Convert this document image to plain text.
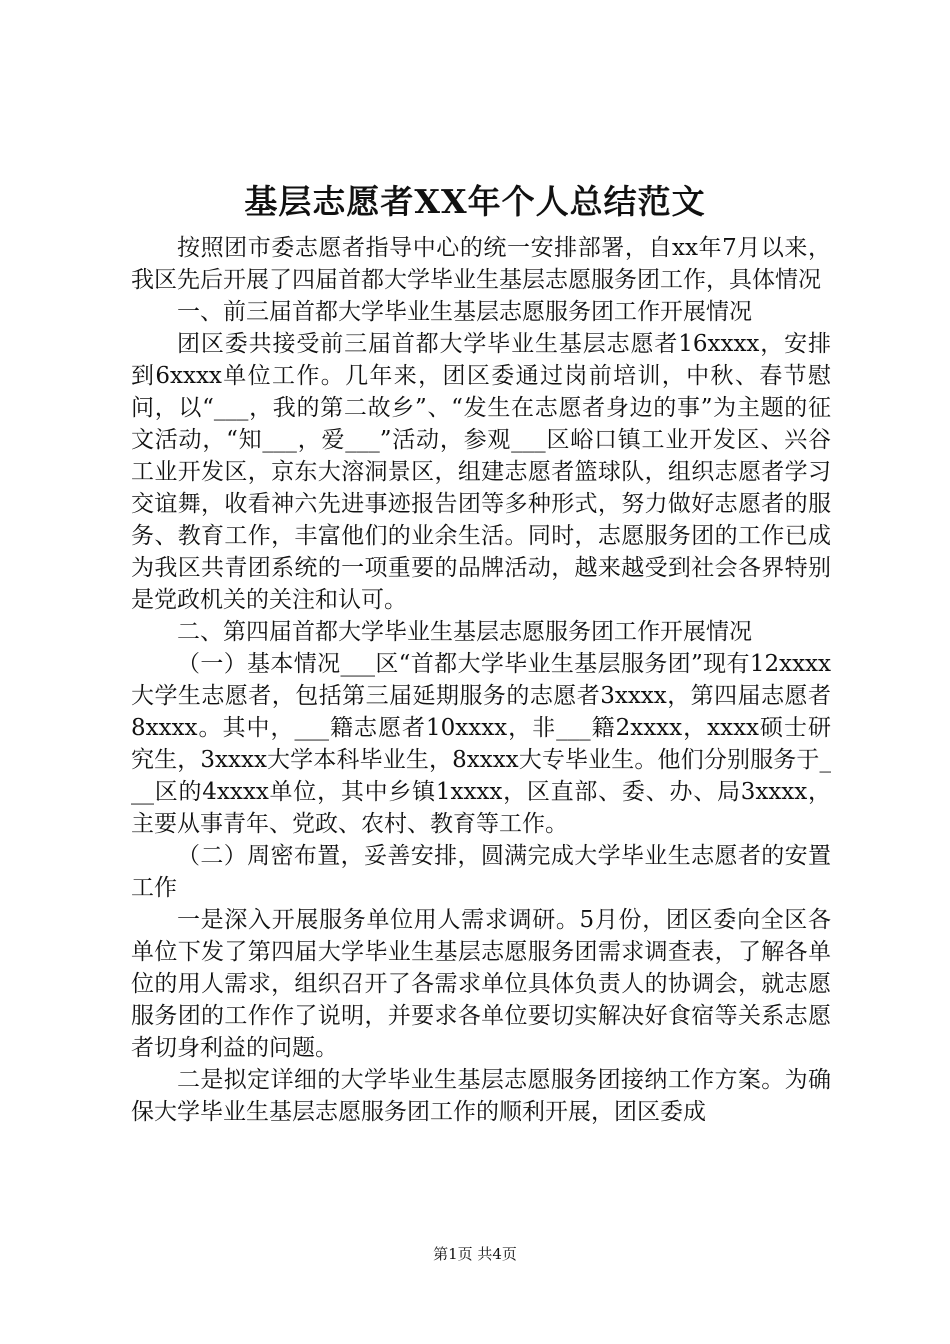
基层志愿者XX年个人总结范文

按照团市委志愿者指导中心的统一安排部署，自xx年7月以来，我区先后开展了四届首都大学毕业生基层志愿服务团工作，具体情况

一、前三届首都大学毕业生基层志愿服务团工作开展情况

团区委共接受前三届首都大学毕业生基层志愿者16xxxx，安排到6xxxx单位工作。几年来，团区委通过岗前培训，中秋、春节慰问，以“___，我的第二故乡”、“发生在志愿者身边的事”为主题的征文活动，“知___，爱___”活动，参观___区峪口镇工业开发区、兴谷工业开发区，京东大溶洞景区，组建志愿者篮球队，组织志愿者学习交谊舞，收看神六先进事迹报告团等多种形式，努力做好志愿者的服务、教育工作，丰富他们的业余生活。同时，志愿服务团的工作已成为我区共青团系统的一项重要的品牌活动，越来越受到社会各界特别是党政机关的关注和认可。

二、第四届首都大学毕业生基层志愿服务团工作开展情况

（一）基本情况___区“首都大学毕业生基层服务团”现有12xxxx大学生志愿者，包括第三届延期服务的志愿者3xxxx，第四届志愿者8xxxx。其中，___籍志愿者10xxxx，非___籍2xxxx，xxxx硕士研究生，3xxxx大学本科毕业生，8xxxx大专毕业生。他们分别服务于___区的4xxxx单位，其中乡镇1xxxx，区直部、委、办、局3xxxx，主要从事青年、党政、农村、教育等工作。

（二）周密布置，妥善安排，圆满完成大学毕业生志愿者的安置工作

一是深入开展服务单位用人需求调研。5月份，团区委向全区各单位下发了第四届大学毕业生基层志愿服务团需求调查表，了解各单位的用人需求，组织召开了各需求单位具体负责人的协调会，就志愿服务团的工作作了说明，并要求各单位要切实解决好食宿等关系志愿者切身利益的问题。

二是拟定详细的大学毕业生基层志愿服务团接纳工作方案。为确保大学毕业生基层志愿服务团工作的顺利开展，团区委成

第1页 共4页
